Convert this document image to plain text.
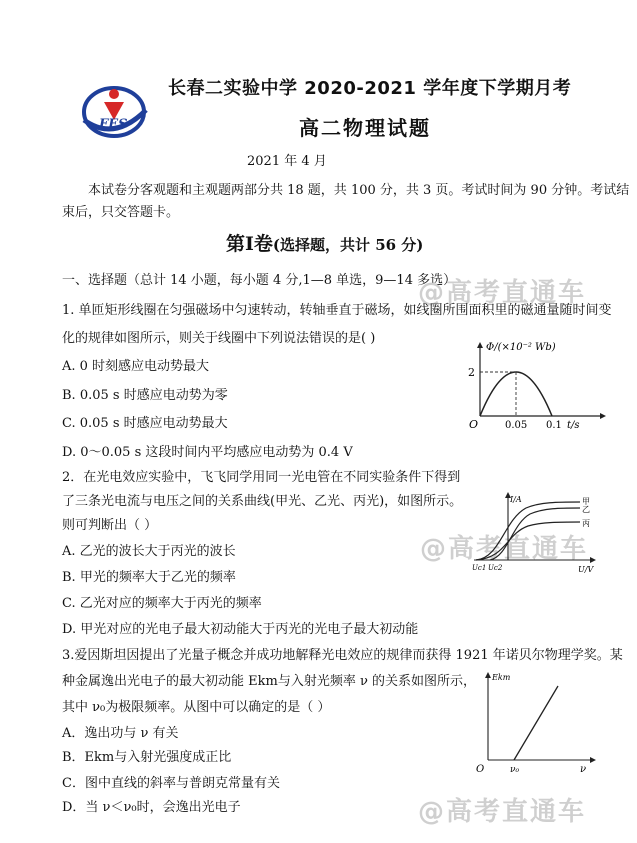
FES
长春二实验中学 2020-2021 学年度下学期月考
高二物理试题
2021 年 4 月
本试卷分客观题和主观题两部分共 18 题，共 100 分，共 3 页。考试时间为 90 分钟。考试结
束后，只交答题卡。
第Ⅰ卷(选择题，共计 56 分)
一、选择题（总计 14 小题，每小题 4 分,1—8 单选，9—14 多选）
@高考直通车
@高考直通车
@高考直通车
1. 单匝矩形线圈在匀强磁场中匀速转动，转轴垂直于磁场，如线圈所围面积里的磁通量随时间变
化的规律如图所示，则关于线圈中下列说法错误的是( )
A. 0 时刻感应电动势最大
B. 0.05 s 时感应电动势为零
C. 0.05 s 时感应电动势最大
D. 0～0.05 s 这段时间内平均感应电动势为 0.4 V
Φ/(×10⁻² Wb)
2
O	0.05 0.1 t/s
2．在光电效应实验中，飞飞同学用同一光电管在不同实验条件下得到
了三条光电流与电压之间的关系曲线(甲光、乙光、丙光)，如图所示。
则可判断出（ ）
A. 乙光的波长大于丙光的波长
B. 甲光的频率大于乙光的频率
C. 乙光对应的频率大于丙光的频率
D. 甲光对应的光电子最大初动能大于丙光的光电子最大初动能
I/A
U/V
Uc1 Uc2
甲
乙
丙
3.爱因斯坦因提出了光量子概念并成功地解释光电效应的规律而获得 1921 年诺贝尔物理学奖。某
种金属逸出光电子的最大初动能 Ekm与入射光频率 ν 的关系如图所示，
其中 ν₀为极限频率。从图中可以确定的是（ ）
A．逸出功与 ν 有关
B．Ekm与入射光强度成正比
C．图中直线的斜率与普朗克常量有关
D．当 ν＜ν₀时，会逸出光电子
Ekm
O	ν₀	ν
